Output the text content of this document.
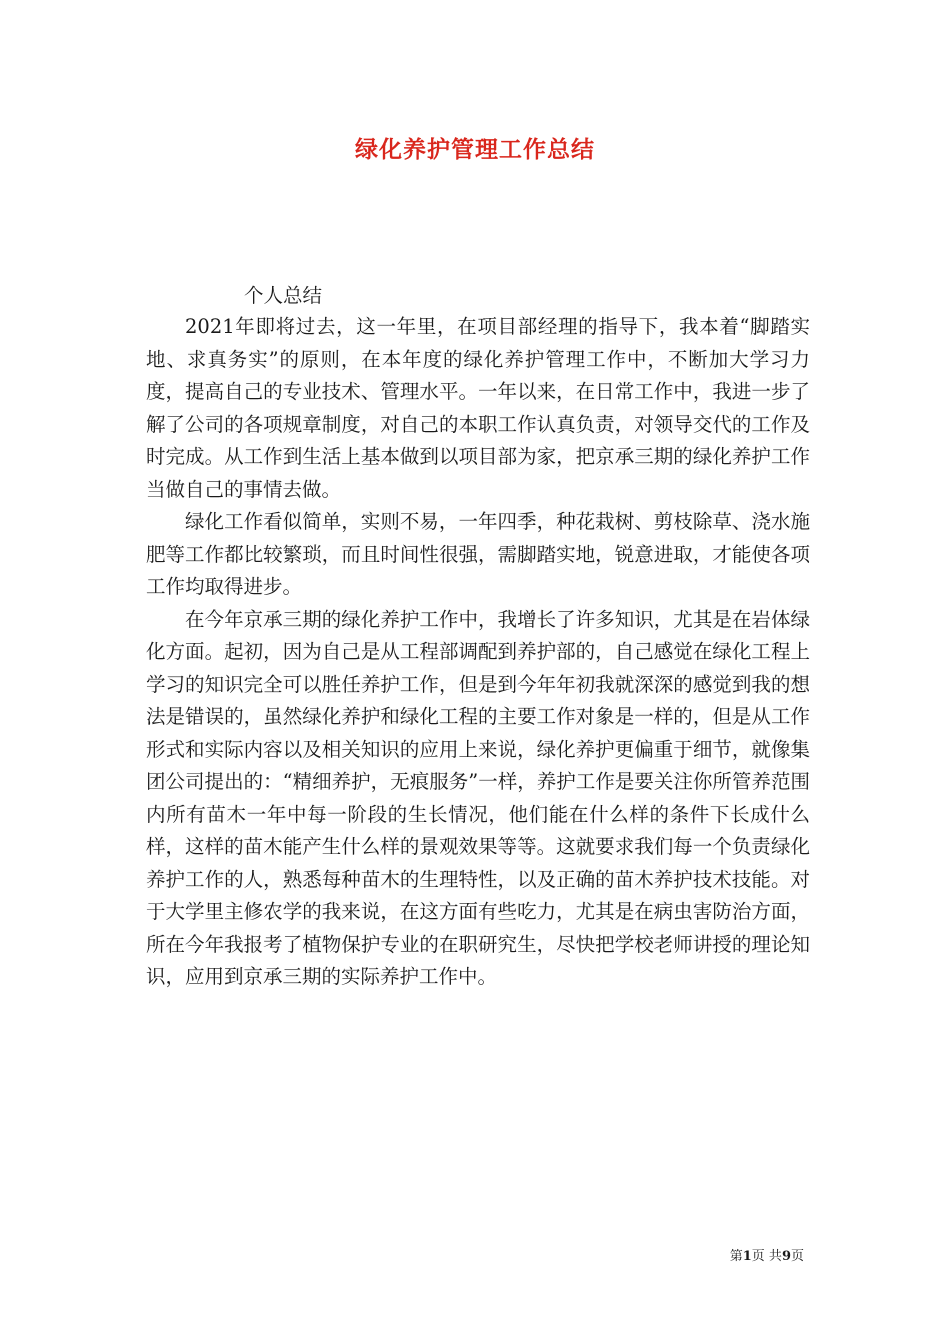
绿化养护管理工作总结

个人总结

2021年即将过去，这一年里，在项目部经理的指导下，我本着“脚踏实地、求真务实”的原则，在本年度的绿化养护管理工作中，不断加大学习力度，提高自己的专业技术、管理水平。一年以来，在日常工作中，我进一步了解了公司的各项规章制度，对自己的本职工作认真负责，对领导交代的工作及时完成。从工作到生活上基本做到以项目部为家，把京承三期的绿化养护工作当做自己的事情去做。

绿化工作看似简单，实则不易，一年四季，种花栽树、剪枝除草、浇水施肥等工作都比较繁琐，而且时间性很强，需脚踏实地，锐意进取，才能使各项工作均取得进步。

在今年京承三期的绿化养护工作中，我增长了许多知识，尤其是在岩体绿化方面。起初，因为自己是从工程部调配到养护部的，自己感觉在绿化工程上学习的知识完全可以胜任养护工作，但是到今年年初我就深深的感觉到我的想法是错误的，虽然绿化养护和绿化工程的主要工作对象是一样的，但是从工作形式和实际内容以及相关知识的应用上来说，绿化养护更偏重于细节，就像集团公司提出的：“精细养护，无痕服务”一样，养护工作是要关注你所管养范围内所有苗木一年中每一阶段的生长情况，他们能在什么样的条件下长成什么样，这样的苗木能产生什么样的景观效果等等。这就要求我们每一个负责绿化养护工作的人，熟悉每种苗木的生理特性，以及正确的苗木养护技术技能。对于大学里主修农学的我来说，在这方面有些吃力，尤其是在病虫害防治方面，所在今年我报考了植物保护专业的在职研究生，尽快把学校老师讲授的理论知识，应用到京承三期的实际养护工作中。

第1页 共9页
